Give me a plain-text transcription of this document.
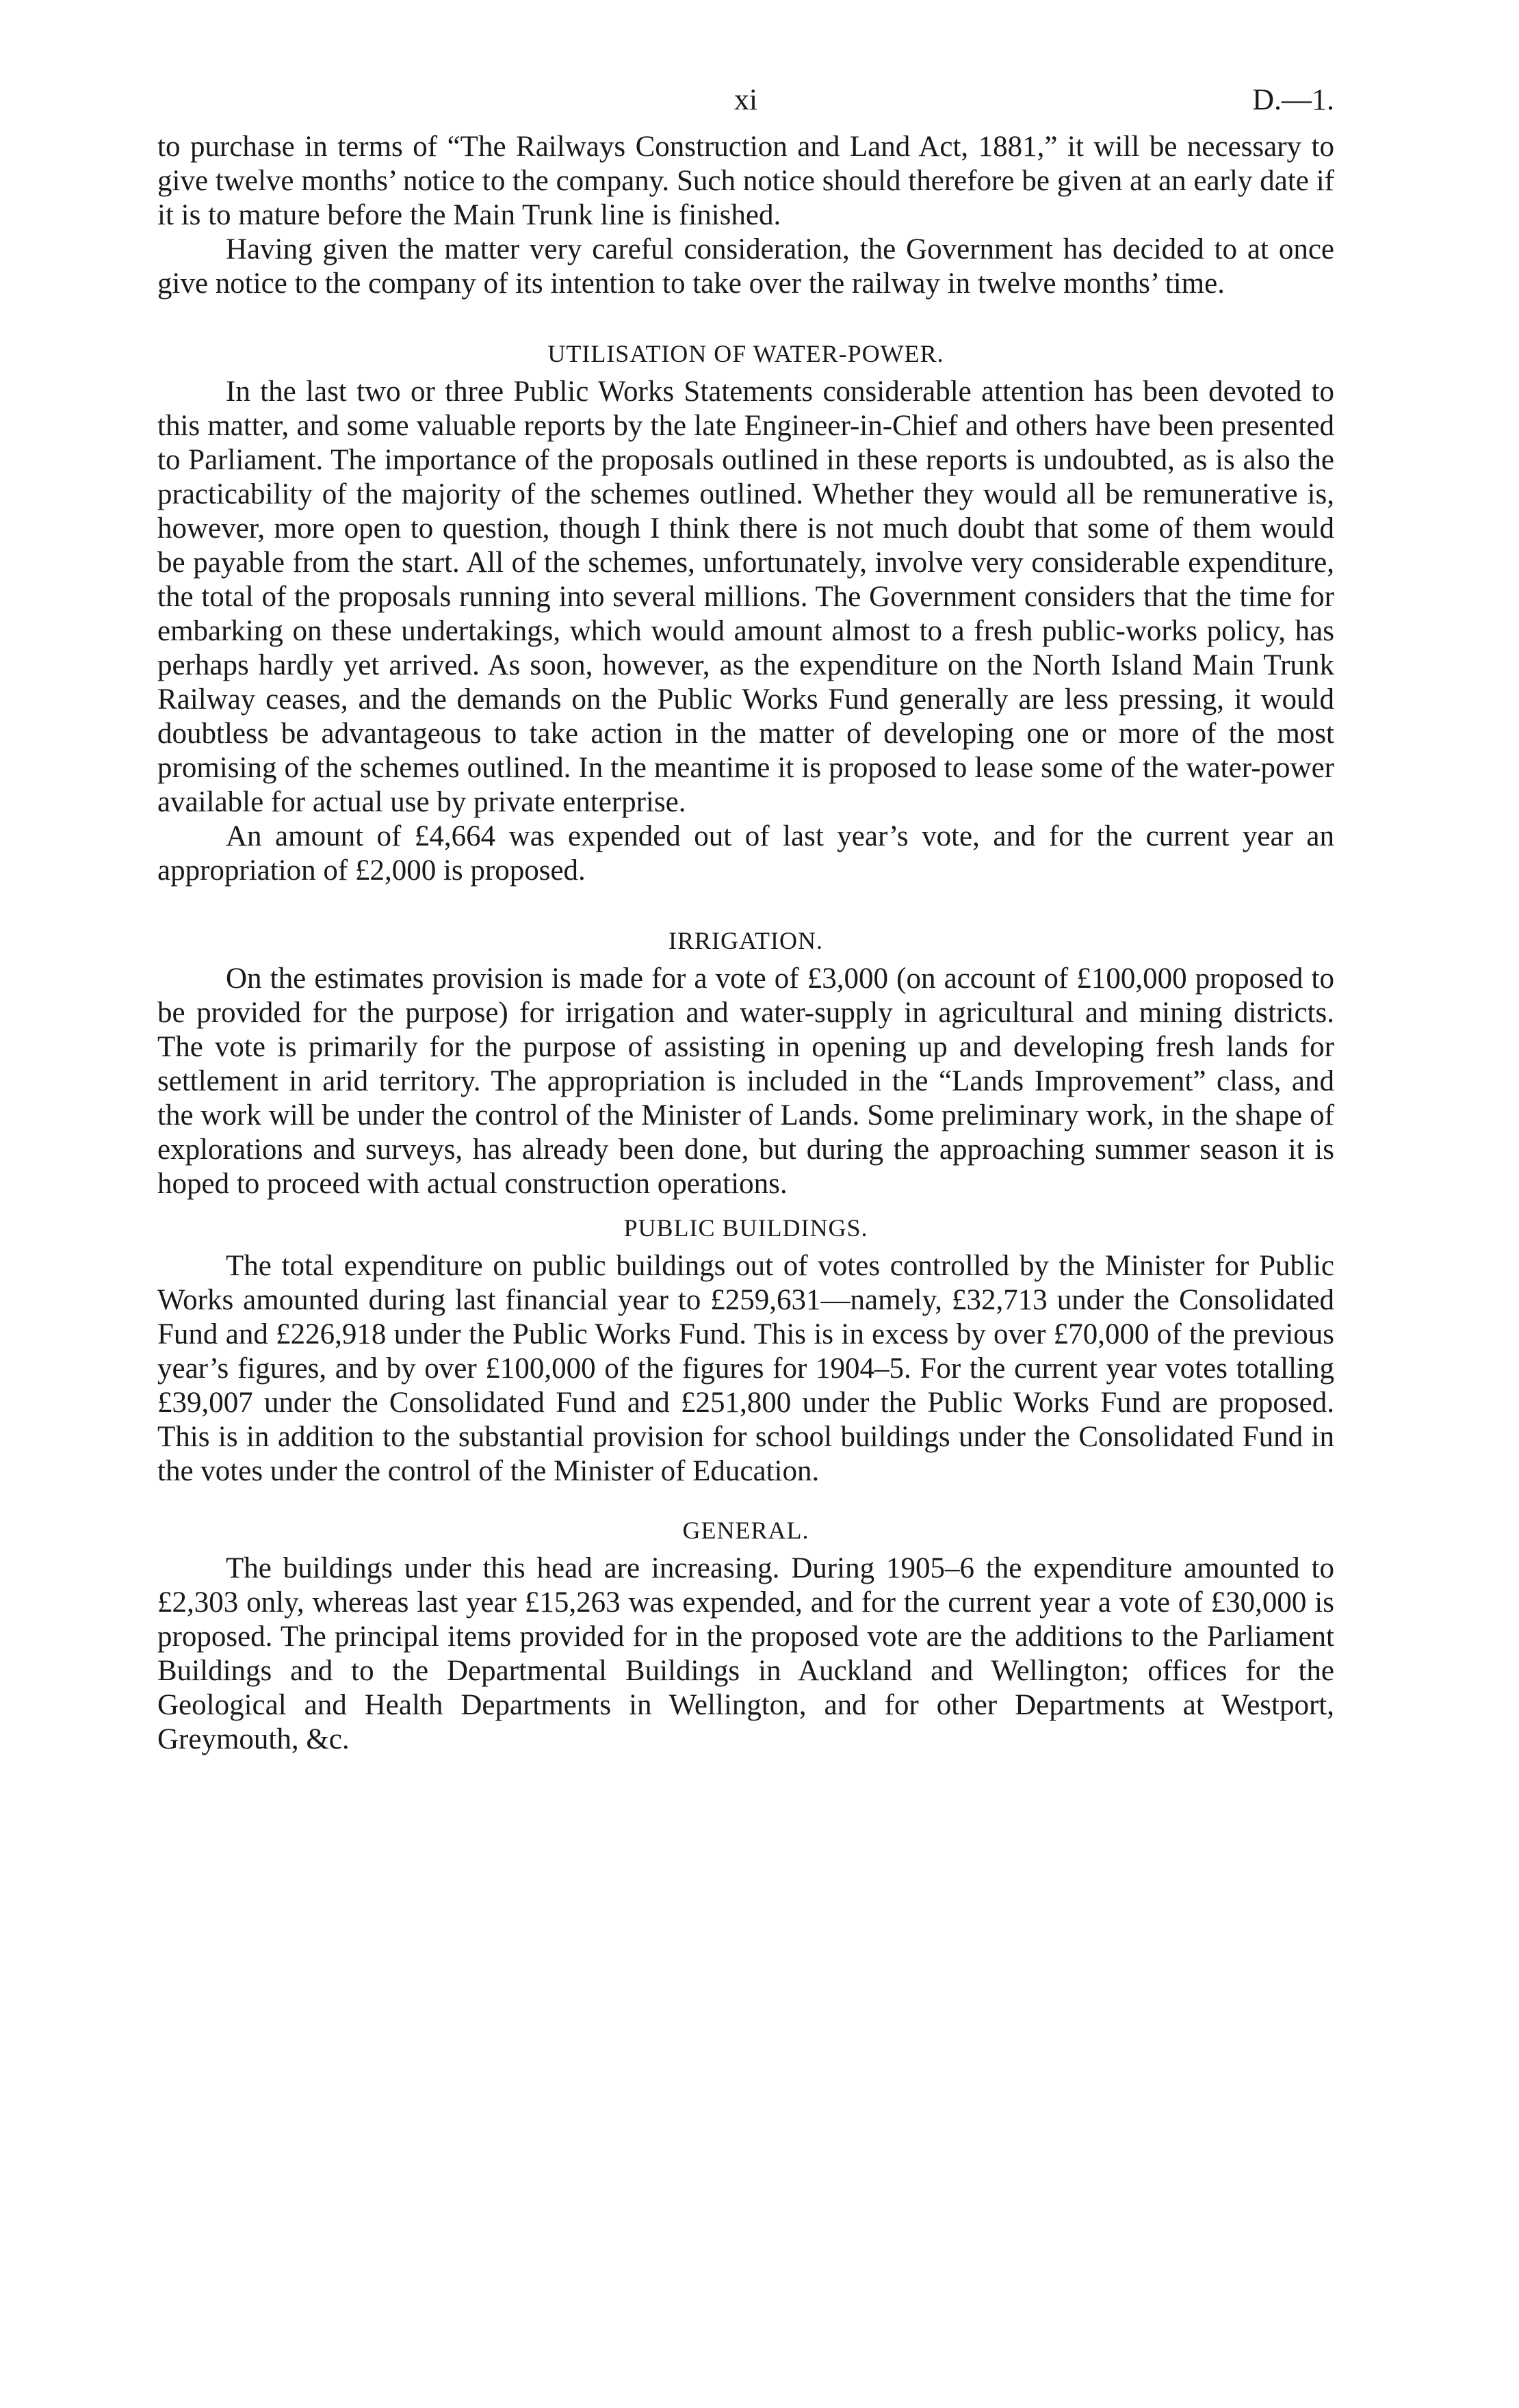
xi	D.—1.

to purchase in terms of “The Railways Construction and Land Act, 1881,” it will be necessary to give twelve months’ notice to the company. Such notice should therefore be given at an early date if it is to mature before the Main Trunk line is finished.

Having given the matter very careful consideration, the Government has decided to at once give notice to the company of its intention to take over the railway in twelve months’ time.

UTILISATION OF WATER-POWER.

In the last two or three Public Works Statements considerable attention has been devoted to this matter, and some valuable reports by the late Engineer-in-Chief and others have been presented to Parliament. The importance of the proposals outlined in these reports is undoubted, as is also the practicability of the majority of the schemes outlined. Whether they would all be remunerative is, however, more open to question, though I think there is not much doubt that some of them would be payable from the start. All of the schemes, unfortunately, involve very considerable expenditure, the total of the proposals running into several millions. The Government considers that the time for embarking on these undertakings, which would amount almost to a fresh public-works policy, has perhaps hardly yet arrived. As soon, however, as the expenditure on the North Island Main Trunk Railway ceases, and the demands on the Public Works Fund generally are less pressing, it would doubtless be advantageous to take action in the matter of developing one or more of the most promising of the schemes outlined. In the meantime it is proposed to lease some of the water-power available for actual use by private enterprise.

An amount of £4,664 was expended out of last year’s vote, and for the current year an appropriation of £2,000 is proposed.

IRRIGATION.

On the estimates provision is made for a vote of £3,000 (on account of £100,000 proposed to be provided for the purpose) for irrigation and water-supply in agricultural and mining districts. The vote is primarily for the purpose of assisting in opening up and developing fresh lands for settlement in arid territory. The appropriation is included in the “Lands Improvement” class, and the work will be under the control of the Minister of Lands. Some preliminary work, in the shape of explorations and surveys, has already been done, but during the approaching summer season it is hoped to proceed with actual construction operations.

PUBLIC BUILDINGS.

The total expenditure on public buildings out of votes controlled by the Minister for Public Works amounted during last financial year to £259,631—namely, £32,713 under the Consolidated Fund and £226,918 under the Public Works Fund. This is in excess by over £70,000 of the previous year’s figures, and by over £100,000 of the figures for 1904–5. For the current year votes totalling £39,007 under the Consolidated Fund and £251,800 under the Public Works Fund are proposed. This is in addition to the substantial provision for school buildings under the Consolidated Fund in the votes under the control of the Minister of Education.

GENERAL.

The buildings under this head are increasing. During 1905–6 the expenditure amounted to £2,303 only, whereas last year £15,263 was expended, and for the current year a vote of £30,000 is proposed. The principal items provided for in the proposed vote are the additions to the Parliament Buildings and to the Departmental Buildings in Auckland and Wellington; offices for the Geological and Health Departments in Wellington, and for other Departments at Westport, Greymouth, &c.
